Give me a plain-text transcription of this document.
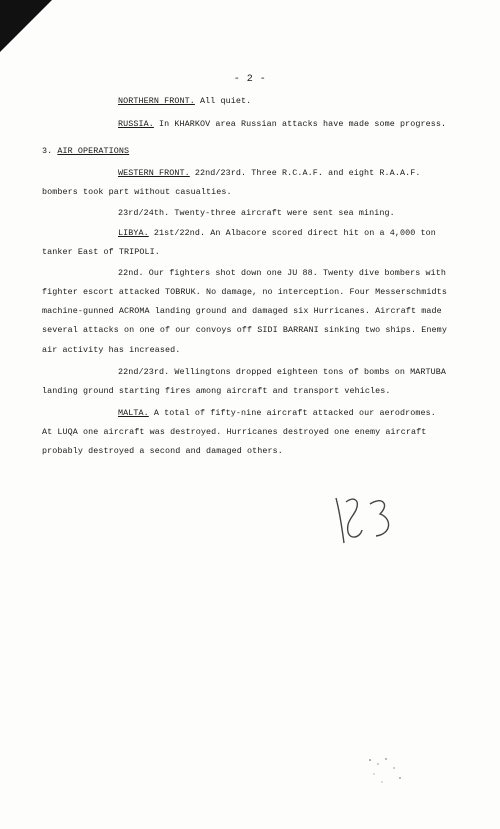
- 2 -
NORTHERN FRONT. All quiet.
RUSSIA. In KHARKOV area Russian attacks have made some progress.
3. AIR OPERATIONS
WESTERN FRONT. 22nd/23rd. Three R.C.A.F. and eight R.A.A.F.
bombers took part without casualties.
23rd/24th. Twenty-three aircraft were sent sea mining.
LIBYA. 21st/22nd. An Albacore scored direct hit on a 4,000 ton
tanker East of TRIPOLI.
22nd. Our fighters shot down one JU 88. Twenty dive bombers with
fighter escort attacked TOBRUK. No damage, no interception. Four Messerschmidts
machine-gunned ACROMA landing ground and damaged six Hurricanes. Aircraft made
several attacks on one of our convoys off SIDI BARRANI sinking two ships. Enemy
air activity has increased.
22nd/23rd. Wellingtons dropped eighteen tons of bombs on MARTUBA
landing ground starting fires among aircraft and transport vehicles.
MALTA. A total of fifty-nine aircraft attacked our aerodromes.
At LUQA one aircraft was destroyed. Hurricanes destroyed one enemy aircraft
probably destroyed a second and damaged others.
